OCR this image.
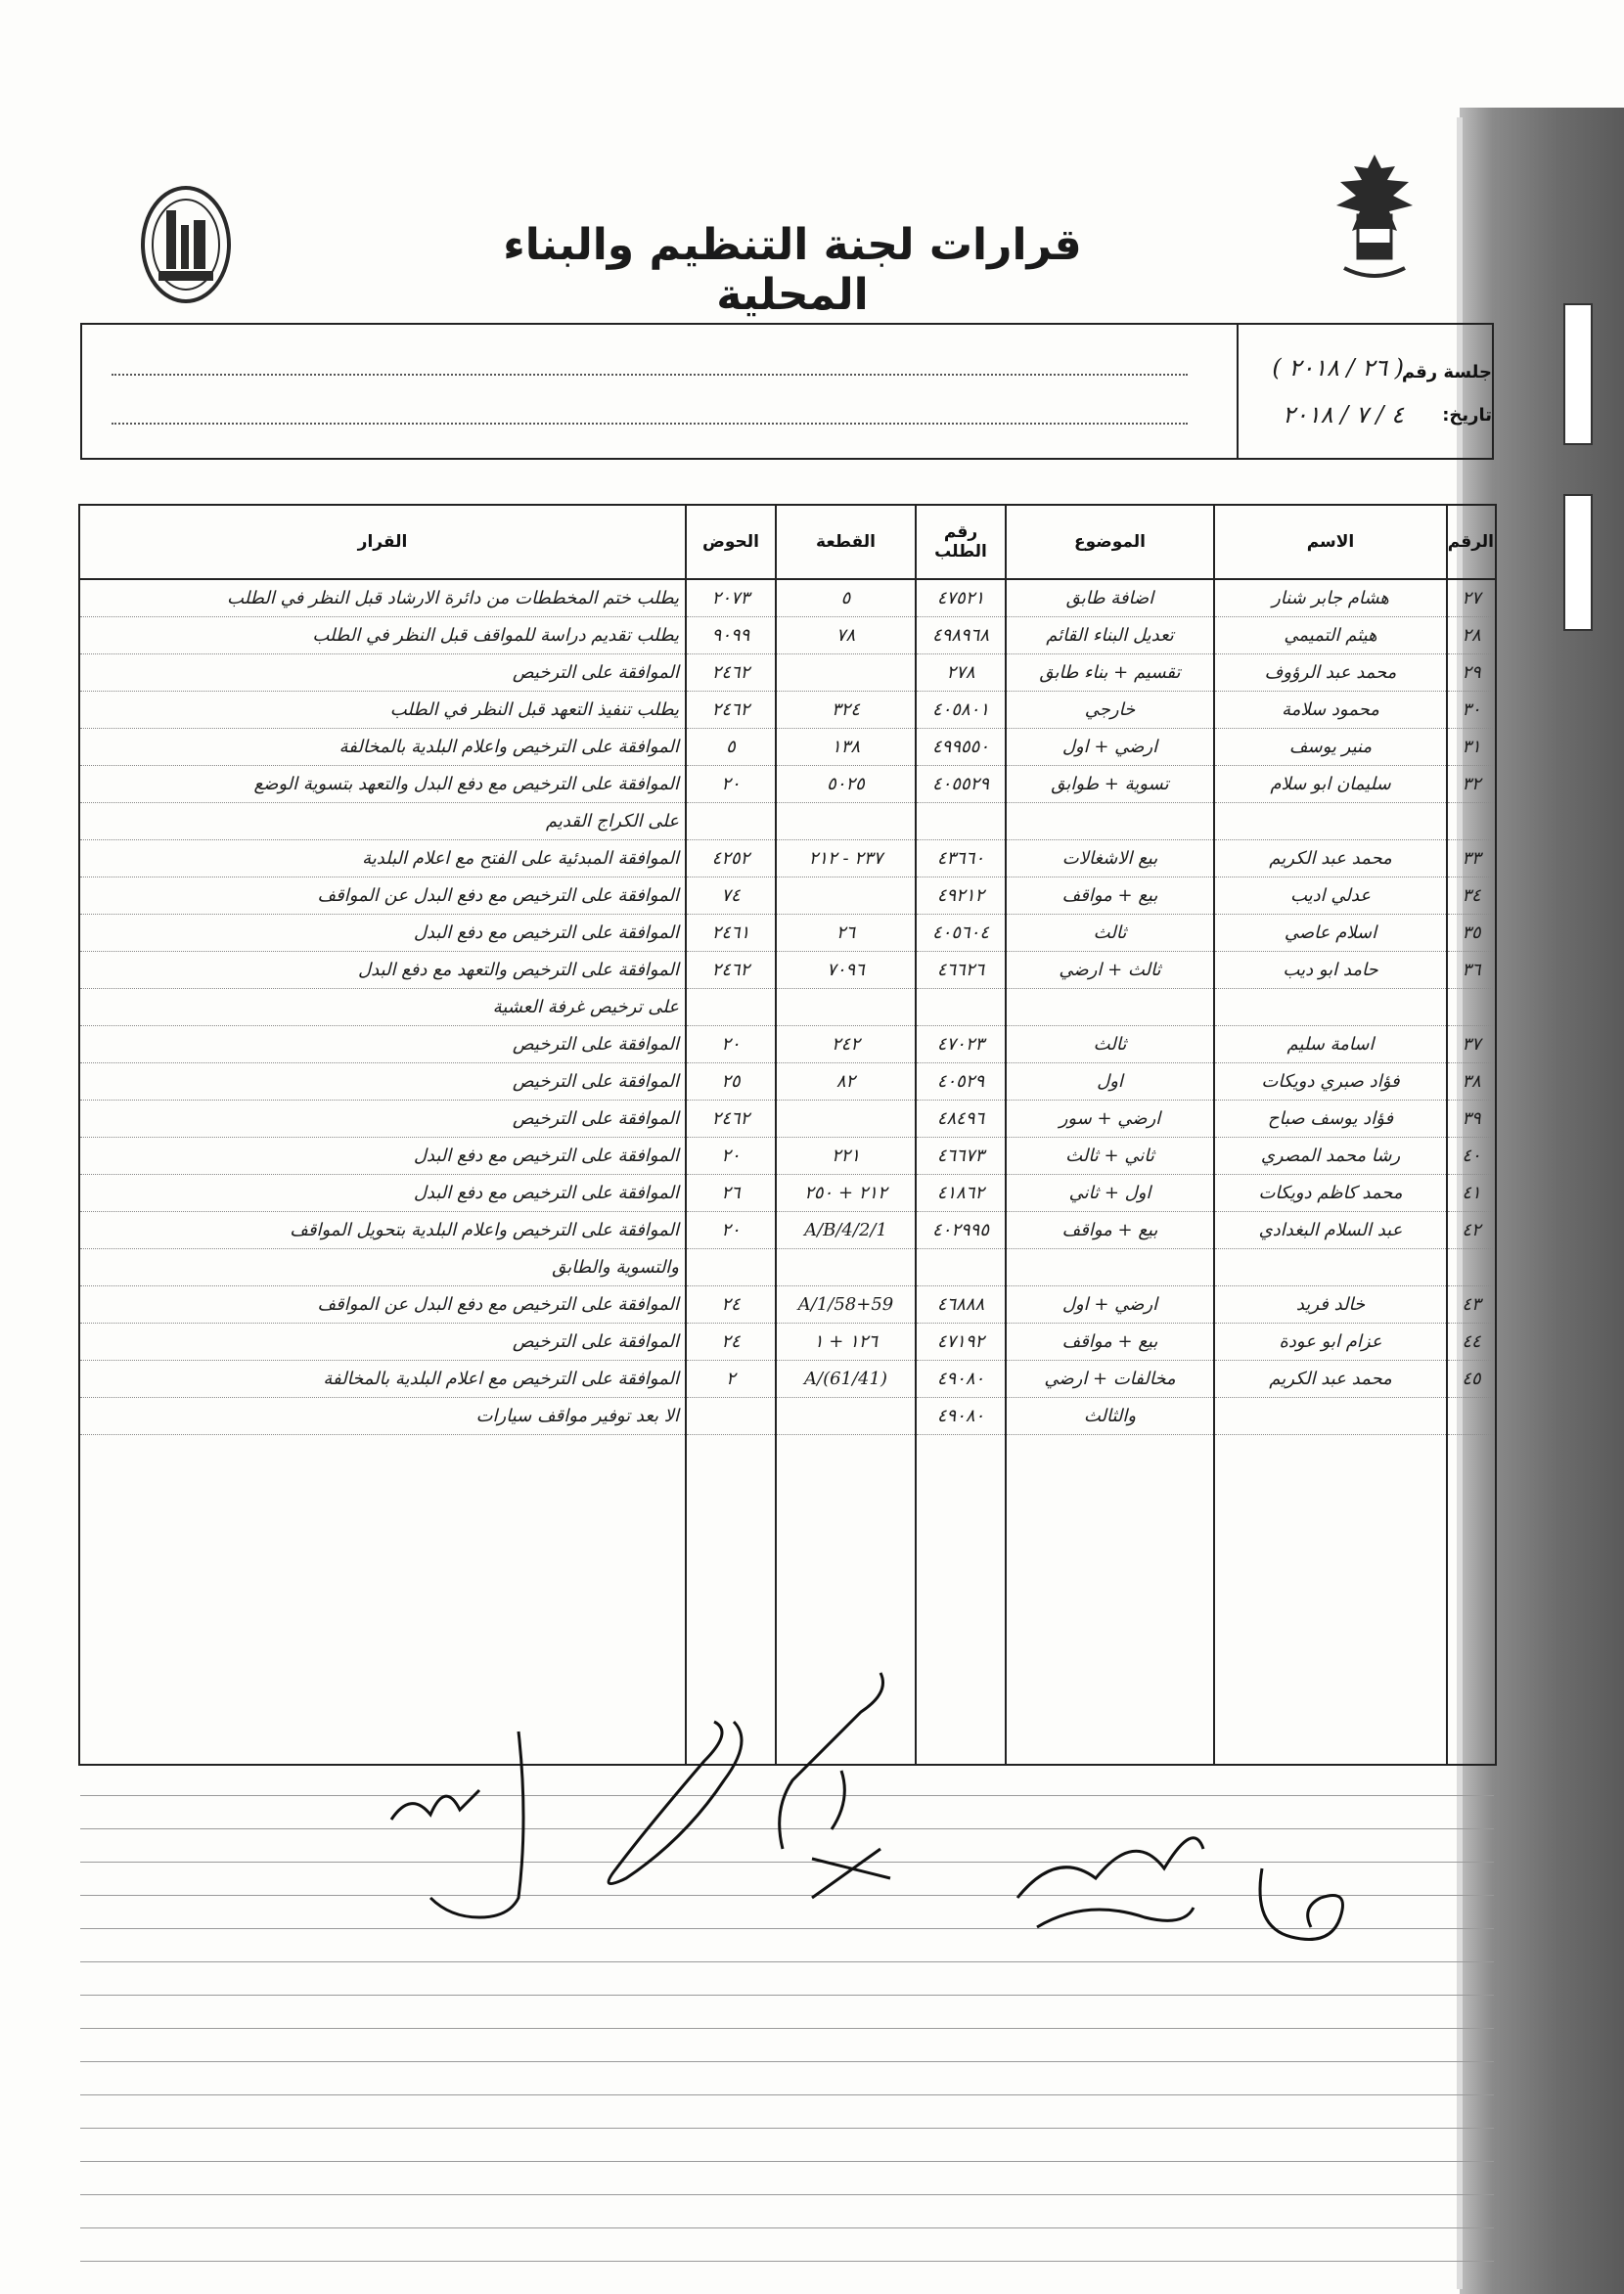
قرارات لجنة التنظيم والبناء المحلية
جلسة رقم
( ٢٦ / ٢٠١٨ )
تاريخ:
٤ / ٧ / ٢٠١٨
الرقم	الاسم	الموضوع	رقم الطلب	القطعة	الحوض	القرار
٢٧	هشام جابر شنار	اضافة طابق	٤٧٥٢١	٥	٢٠٧٣	يطلب ختم المخططات من دائرة الارشاد قبل النظر في الطلب
٢٨	هيثم التميمي	تعديل البناء القائم	٤٩٨٩٦٨	٧٨	٩٠٩٩	يطلب تقديم دراسة للمواقف قبل النظر في الطلب
٢٩	محمد عبد الرؤوف	تقسيم + بناء طابق	٢٧٨		٢٤٦٢	الموافقة على الترخيص
٣٠	محمود سلامة	خارجي	٤٠٥٨٠١	٣٢٤	٢٤٦٢	يطلب تنفيذ التعهد قبل النظر في الطلب
٣١	منير يوسف	ارضي + اول	٤٩٩٥٥٠	١٣٨	٥	الموافقة على الترخيص واعلام البلدية بالمخالفة
٣٢	سليمان ابو سلام	تسوية + طوابق	٤٠٥٥٢٩	٥٠٢٥	٢٠	الموافقة على الترخيص مع دفع البدل والتعهد بتسوية الوضع
						على الكراج القديم
٣٣	محمد عبد الكريم	بيع الاشغالات	٤٣٦٦٠	٢٣٧ - ٢١٢	٤٢٥٢	الموافقة المبدئية على الفتح مع اعلام البلدية
٣٤	عدلي اديب	بيع + مواقف	٤٩٢١٢		٧٤	الموافقة على الترخيص مع دفع البدل عن المواقف
٣٥	اسلام عاصي	ثالث	٤٠٥٦٠٤	٢٦	٢٤٦١	الموافقة على الترخيص مع دفع البدل
٣٦	حامد ابو ديب	ثالث + ارضي	٤٦٦٢٦	٧٠٩٦	٢٤٦٢	الموافقة على الترخيص والتعهد مع دفع البدل
						على ترخيص غرفة العشية
٣٧	اسامة سليم	ثالث	٤٧٠٢٣	٢٤٢	٢٠	الموافقة على الترخيص
٣٨	فؤاد صبري دويكات	اول	٤٠٥٢٩	٨٢	٢٥	الموافقة على الترخيص
٣٩	فؤاد يوسف صباح	ارضي + سور	٤٨٤٩٦		٢٤٦٢	الموافقة على الترخيص
٤٠	رشا محمد المصري	ثاني + ثالث	٤٦٦٧٣	٢٢١	٢٠	الموافقة على الترخيص مع دفع البدل
٤١	محمد كاظم دويكات	اول + ثاني	٤١٨٦٢	٢١٢ + ٢٥٠	٢٦	الموافقة على الترخيص مع دفع البدل
٤٢	عبد السلام البغدادي	بيع + مواقف	٤٠٢٩٩٥	A/B/4/2/1	٢٠	الموافقة على الترخيص واعلام البلدية بتحويل المواقف
						والتسوية والطابق
٤٣	خالد فريد	ارضي + اول	٤٦٨٨٨	A/1/58+59	٢٤	الموافقة على الترخيص مع دفع البدل عن المواقف
٤٤	عزام ابو عودة	بيع + مواقف	٤٧١٩٢	١٢٦ + ١	٢٤	الموافقة على الترخيص
٤٥	محمد عبد الكريم	مخالفات + ارضي	٤٩٠٨٠	A/(61/41)	٢	الموافقة على الترخيص مع اعلام البلدية بالمخالفة
		والثالث	٤٩٠٨٠			الا بعد توفير مواقف سيارات
